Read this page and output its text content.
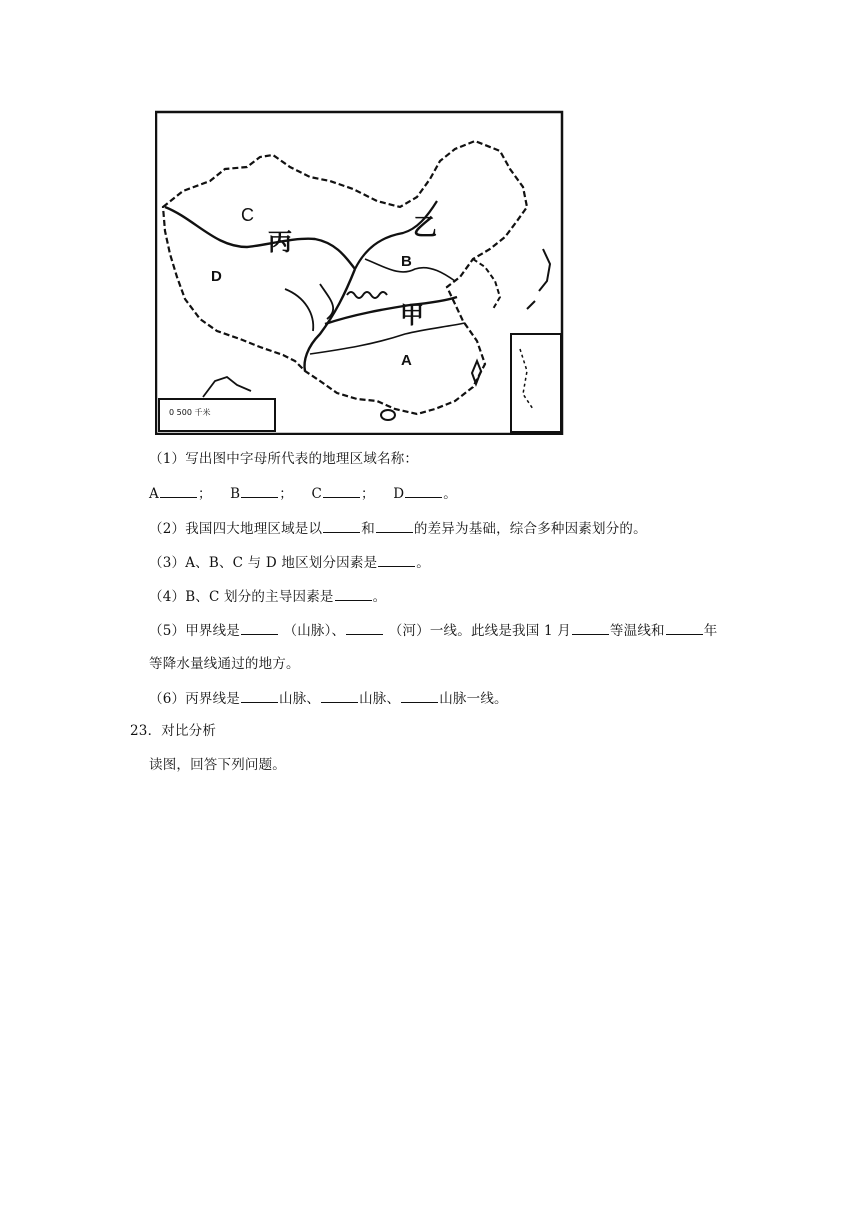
0 500 千米
C
丙
乙
D
B
甲
A
（1）写出图中字母所代表的地理区域名称：
A	； B	； C	； D	。
（2）我国四大地理区域是以	和	的差异为基础，综合多种因素划分的。
（3）A、B、C 与 D 地区划分因素是	。
（4）B、C 划分的主导因素是	。
（5）甲界线是	（山脉）、	（河）一线。此线是我国 1 月	等温线和	年
等降水量线通过的地方。
（6）丙界线是	山脉、	山脉、	山脉一线。
23．对比分析
读图，回答下列问题。
